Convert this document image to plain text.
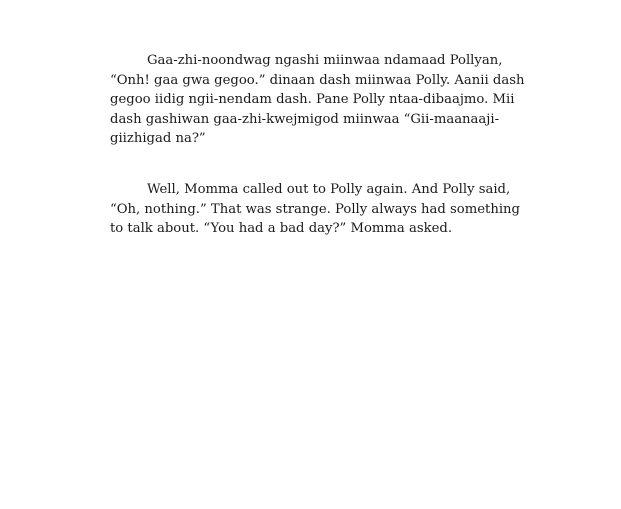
Gaa-zhi-noondwag ngashi miinwaa ndamaad Pollyan,
“Onh! gaa gwa gegoo.” dinaan dash miinwaa Polly. Aanii dash
gegoo iidig ngii-nendam dash. Pane Polly ntaa-dibaajmo. Mii
dash gashiwan gaa-zhi-kwejmigod miinwaa “Gii-maanaaji-
giizhigad na?”

Well, Momma called out to Polly again. And Polly said,
“Oh, nothing.” That was strange. Polly always had something
to talk about. “You had a bad day?” Momma asked.
